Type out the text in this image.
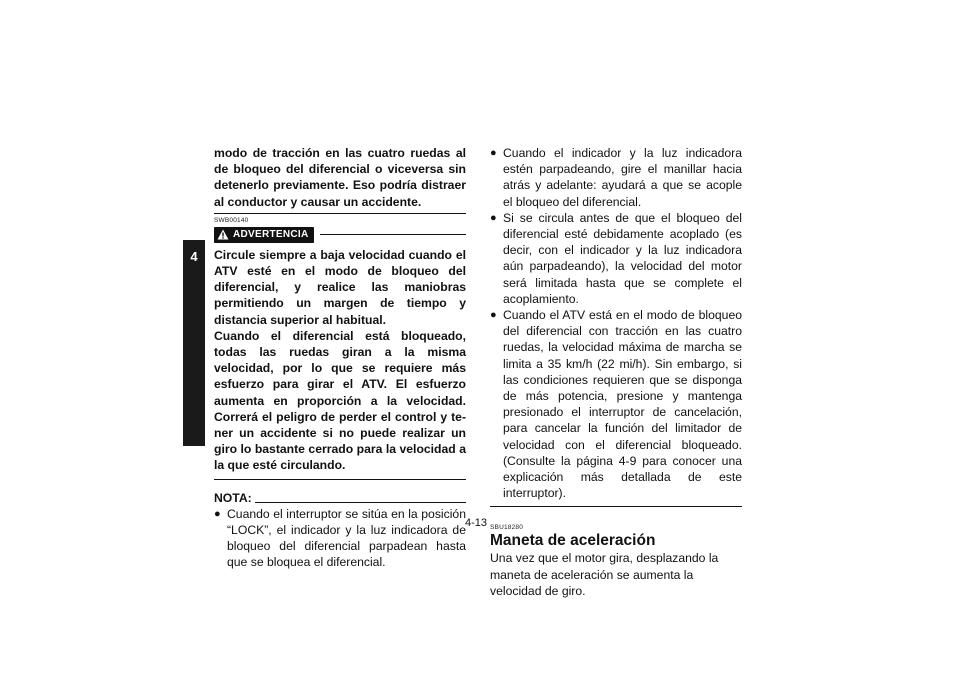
4

modo de tracción en las cuatro ruedas al de bloqueo del diferencial o viceversa sin detenerlo previamente. Eso podría distraer al conductor y causar un accidente.

SWB00140
ADVERTENCIA

Circule siempre a baja velocidad cuando el ATV esté en el modo de bloqueo del diferencial, y realice las maniobras permitiendo un margen de tiempo y distancia superior al habitual.

Cuando el diferencial está bloqueado, todas las ruedas giran a la misma velocidad, por lo que se requiere más esfuerzo para girar el ATV. El esfuerzo aumenta en proporción a la velocidad. Correrá el peligro de perder el control y tener un accidente si no puede realizar un giro lo bastante cerrado para la velocidad a la que esté circulando.

NOTA:
● Cuando el interruptor se sitúa en la posición “LOCK”, el indicador y la luz indicadora de bloqueo del diferencial parpadean hasta que se bloquea el diferencial.
● Cuando el indicador y la luz indicadora estén parpadeando, gire el manillar hacia atrás y adelante: ayudará a que se acople el bloqueo del diferencial.
● Si se circula antes de que el bloqueo del diferencial esté debidamente acoplado (es decir, con el indicador y la luz indicadora aún parpadeando), la velocidad del motor será limitada hasta que se complete el acoplamiento.
● Cuando el ATV está en el modo de bloqueo del diferencial con tracción en las cuatro ruedas, la velocidad máxima de marcha se limita a 35 km/h (22 mi/h). Sin embargo, si las condiciones requieren que se disponga de más potencia, presione y mantenga presionado el interruptor de cancelación, para cancelar la función del limitador de velocidad con el diferencial bloqueado. (Consulte la página 4-9 para conocer una explicación más detallada de este interruptor).
SBU18280
Maneta de aceleración

Una vez que el motor gira, desplazando la maneta de aceleración se aumenta la velocidad de giro.

4-13
